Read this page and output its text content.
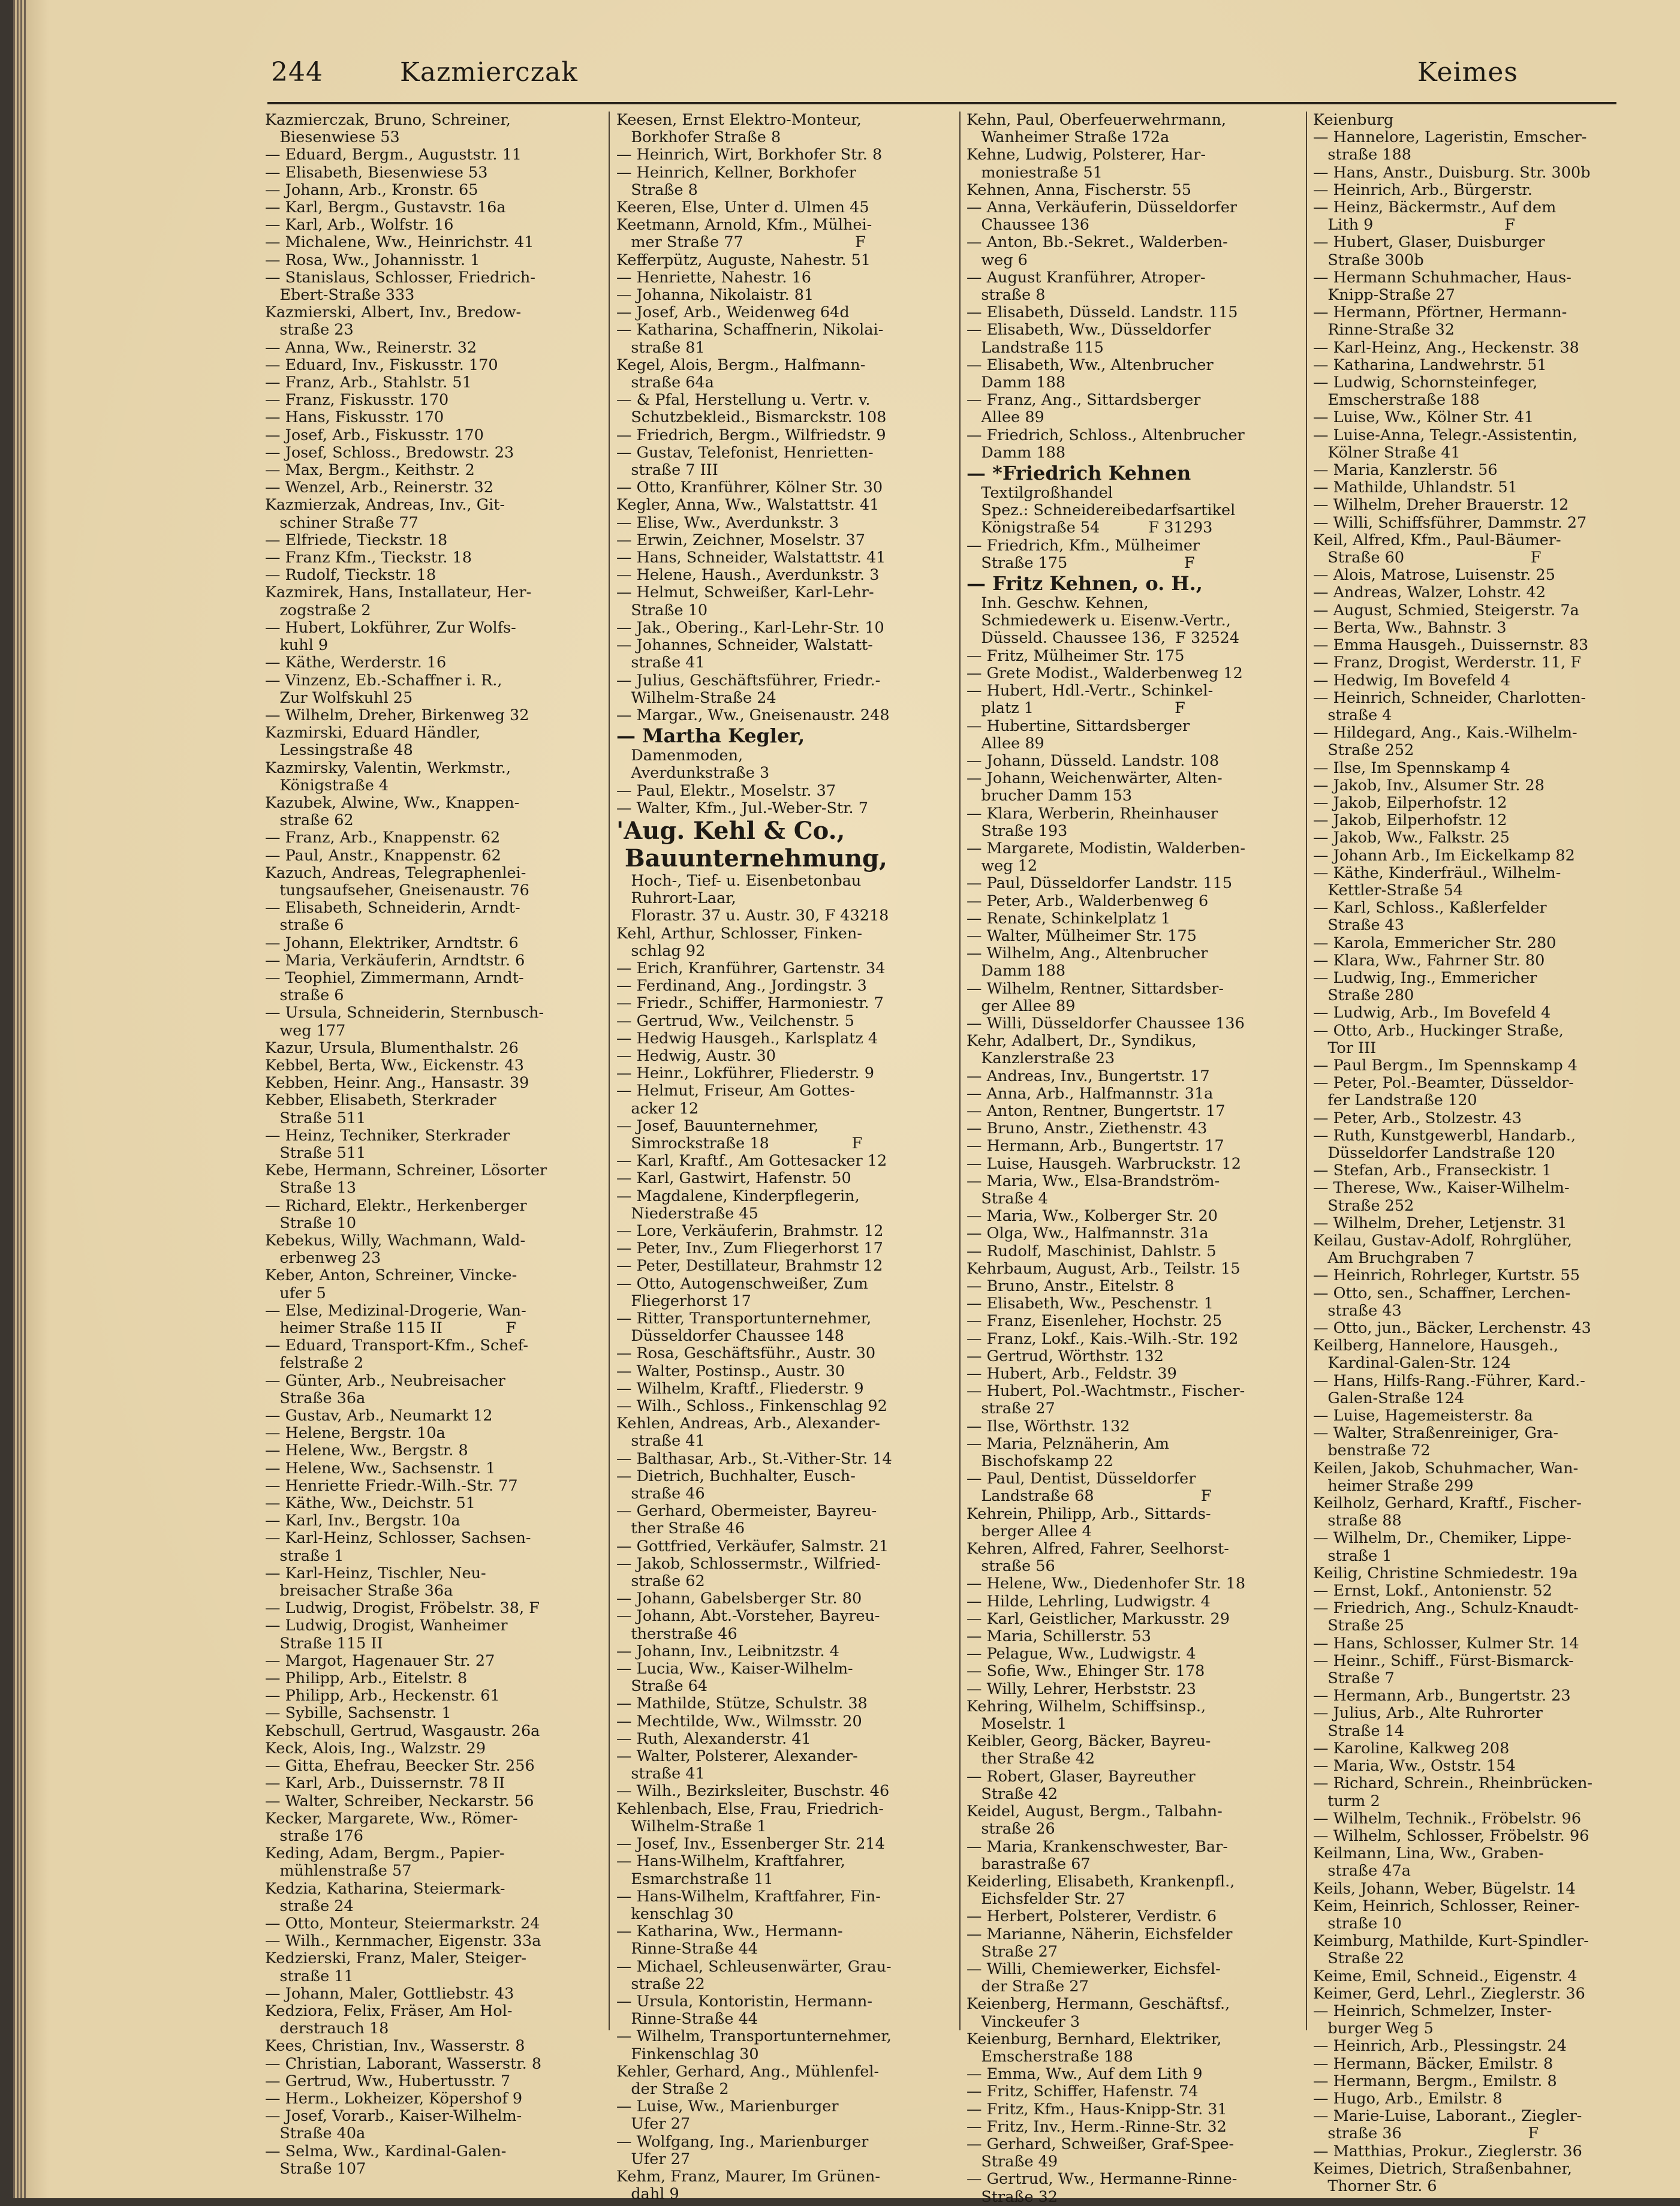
244	Kazmierczak	Keimes
Kazmierczak, Bruno, Schreiner,
Biesenwiese 53
— Eduard, Bergm., Auguststr. 11
— Elisabeth, Biesenwiese 53
— Johann, Arb., Kronstr. 65
— Karl, Bergm., Gustavstr. 16a
— Karl, Arb., Wolfstr. 16
— Michalene, Ww., Heinrichstr. 41
— Rosa, Ww., Johannisstr. 1
— Stanislaus, Schlosser, Friedrich-
Ebert-Straße 333
Kazmierski, Albert, Inv., Bredow-
straße 23
— Anna, Ww., Reinerstr. 32
— Eduard, Inv., Fiskusstr. 170
— Franz, Arb., Stahlstr. 51
— Franz, Fiskusstr. 170
— Hans, Fiskusstr. 170
— Josef, Arb., Fiskusstr. 170
— Josef, Schloss., Bredowstr. 23
— Max, Bergm., Keithstr. 2
— Wenzel, Arb., Reinerstr. 32
Kazmierzak, Andreas, Inv., Git-
schiner Straße 77
— Elfriede, Tieckstr. 18
— Franz Kfm., Tieckstr. 18
— Rudolf, Tieckstr. 18
Kazmirek, Hans, Installateur, Her-
zogstraße 2
— Hubert, Lokführer, Zur Wolfs-
kuhl 9
— Käthe, Werderstr. 16
— Vinzenz, Eb.-Schaffner i. R.,
Zur Wolfskuhl 25
— Wilhelm, Dreher, Birkenweg 32
Kazmirski, Eduard Händler,
Lessingstraße 48
Kazmirsky, Valentin, Werkmstr.,
Königstraße 4
Kazubek, Alwine, Ww., Knappen-
straße 62
— Franz, Arb., Knappenstr. 62
— Paul, Anstr., Knappenstr. 62
Kazuch, Andreas, Telegraphenlei-
tungsaufseher, Gneisenaustr. 76
— Elisabeth, Schneiderin, Arndt-
straße 6
— Johann, Elektriker, Arndtstr. 6
— Maria, Verkäuferin, Arndtstr. 6
— Teophiel, Zimmermann, Arndt-
straße 6
— Ursula, Schneiderin, Sternbusch-
weg 177
Kazur, Ursula, Blumenthalstr. 26
Kebbel, Berta, Ww., Eickenstr. 43
Kebben, Heinr. Ang., Hansastr. 39
Kebber, Elisabeth, Sterkrader
Straße 511
— Heinz, Techniker, Sterkrader
Straße 511
Kebe, Hermann, Schreiner, Lösorter
Straße 13
— Richard, Elektr., Herkenberger
Straße 10
Kebekus, Willy, Wachmann, Wald-
erbenweg 23
Keber, Anton, Schreiner, Vincke-
ufer 5
— Else, Medizinal-Drogerie, Wan-
heimer Straße 115 II             F
— Eduard, Transport-Kfm., Schef-
felstraße 2
— Günter, Arb., Neubreisacher
Straße 36a
— Gustav, Arb., Neumarkt 12
— Helene, Bergstr. 10a
— Helene, Ww., Bergstr. 8
— Helene, Ww., Sachsenstr. 1
— Henriette Friedr.-Wilh.-Str. 77
— Käthe, Ww., Deichstr. 51
— Karl, Inv., Bergstr. 10a
— Karl-Heinz, Schlosser, Sachsen-
straße 1
— Karl-Heinz, Tischler, Neu-
breisacher Straße 36a
— Ludwig, Drogist, Fröbelstr. 38, F
— Ludwig, Drogist, Wanheimer
Straße 115 II
— Margot, Hagenauer Str. 27
— Philipp, Arb., Eitelstr. 8
— Philipp, Arb., Heckenstr. 61
— Sybille, Sachsenstr. 1
Kebschull, Gertrud, Wasgaustr. 26a
Keck, Alois, Ing., Walzstr. 29
— Gitta, Ehefrau, Beecker Str. 256
— Karl, Arb., Duissernstr. 78 II
— Walter, Schreiber, Neckarstr. 56
Kecker, Margarete, Ww., Römer-
straße 176
Keding, Adam, Bergm., Papier-
mühlenstraße 57
Kedzia, Katharina, Steiermark-
straße 24
— Otto, Monteur, Steiermarkstr. 24
— Wilh., Kernmacher, Eigenstr. 33a
Kedzierski, Franz, Maler, Steiger-
straße 11
— Johann, Maler, Gottliebstr. 43
Kedziora, Felix, Fräser, Am Hol-
derstrauch 18
Kees, Christian, Inv., Wasserstr. 8
— Christian, Laborant, Wasserstr. 8
— Gertrud, Ww., Hubertusstr. 7
— Herm., Lokheizer, Köpershof 9
— Josef, Vorarb., Kaiser-Wilhelm-
Straße 40a
— Selma, Ww., Kardinal-Galen-
Straße 107
Keesen, Ernst Elektro-Monteur,
Borkhofer Straße 8
— Heinrich, Wirt, Borkhofer Str. 8
— Heinrich, Kellner, Borkhofer
Straße 8
Keeren, Else, Unter d. Ulmen 45
Keetmann, Arnold, Kfm., Mülhei-
mer Straße 77                       F
Kefferpütz, Auguste, Nahestr. 51
— Henriette, Nahestr. 16
— Johanna, Nikolaistr. 81
— Josef, Arb., Weidenweg 64d
— Katharina, Schaffnerin, Nikolai-
straße 81
Kegel, Alois, Bergm., Halfmann-
straße 64a
— & Pfal, Herstellung u. Vertr. v.
Schutzbekleid., Bismarckstr. 108
— Friedrich, Bergm., Wilfriedstr. 9
— Gustav, Telefonist, Henrietten-
straße 7 III
— Otto, Kranführer, Kölner Str. 30
Kegler, Anna, Ww., Walstattstr. 41
— Elise, Ww., Averdunkstr. 3
— Erwin, Zeichner, Moselstr. 37
— Hans, Schneider, Walstattstr. 41
— Helene, Haush., Averdunkstr. 3
— Helmut, Schweißer, Karl-Lehr-
Straße 10
— Jak., Obering., Karl-Lehr-Str. 10
— Johannes, Schneider, Walstatt-
straße 41
— Julius, Geschäftsführer, Friedr.-
Wilhelm-Straße 24
— Margar., Ww., Gneisenaustr. 248
— Martha Kegler,
Damenmoden,
Averdunkstraße 3
— Paul, Elektr., Moselstr. 37
— Walter, Kfm., Jul.-Weber-Str. 7
'Aug. Kehl & Co.,
Bauunternehmung,
Hoch-, Tief- u. Eisenbetonbau
Ruhrort-Laar,
Florastr. 37 u. Austr. 30, F 43218
Kehl, Arthur, Schlosser, Finken-
schlag 92
— Erich, Kranführer, Gartenstr. 34
— Ferdinand, Ang., Jordingstr. 3
— Friedr., Schiffer, Harmoniestr. 7
— Gertrud, Ww., Veilchenstr. 5
— Hedwig Hausgeh., Karlsplatz 4
— Hedwig, Austr. 30
— Heinr., Lokführer, Fliederstr. 9
— Helmut, Friseur, Am Gottes-
acker 12
— Josef, Bauunternehmer,
Simrockstraße 18                 F
— Karl, Kraftf., Am Gottesacker 12
— Karl, Gastwirt, Hafenstr. 50
— Magdalene, Kinderpflegerin,
Niederstraße 45
— Lore, Verkäuferin, Brahmstr. 12
— Peter, Inv., Zum Fliegerhorst 17
— Peter, Destillateur, Brahmstr 12
— Otto, Autogenschweißer, Zum
Fliegerhorst 17
— Ritter, Transportunternehmer,
Düsseldorfer Chaussee 148
— Rosa, Geschäftsführ., Austr. 30
— Walter, Postinsp., Austr. 30
— Wilhelm, Kraftf., Fliederstr. 9
— Wilh., Schloss., Finkenschlag 92
Kehlen, Andreas, Arb., Alexander-
straße 41
— Balthasar, Arb., St.-Vither-Str. 14
— Dietrich, Buchhalter, Eusch-
straße 46
— Gerhard, Obermeister, Bayreu-
ther Straße 46
— Gottfried, Verkäufer, Salmstr. 21
— Jakob, Schlossermstr., Wilfried-
straße 62
— Johann, Gabelsberger Str. 80
— Johann, Abt.-Vorsteher, Bayreu-
therstraße 46
— Johann, Inv., Leibnitzstr. 4
— Lucia, Ww., Kaiser-Wilhelm-
Straße 64
— Mathilde, Stütze, Schulstr. 38
— Mechtilde, Ww., Wilmsstr. 20
— Ruth, Alexanderstr. 41
— Walter, Polsterer, Alexander-
straße 41
— Wilh., Bezirksleiter, Buschstr. 46
Kehlenbach, Else, Frau, Friedrich-
Wilhelm-Straße 1
— Josef, Inv., Essenberger Str. 214
— Hans-Wilhelm, Kraftfahrer,
Esmarchstraße 11
— Hans-Wilhelm, Kraftfahrer, Fin-
kenschlag 30
— Katharina, Ww., Hermann-
Rinne-Straße 44
— Michael, Schleusenwärter, Grau-
straße 22
— Ursula, Kontoristin, Hermann-
Rinne-Straße 44
— Wilhelm, Transportunternehmer,
Finkenschlag 30
Kehler, Gerhard, Ang., Mühlenfel-
der Straße 2
— Luise, Ww., Marienburger
Ufer 27
— Wolfgang, Ing., Marienburger
Ufer 27
Kehm, Franz, Maurer, Im Grünen-
dahl 9
Kehn, Paul, Oberfeuerwehrmann,
Wanheimer Straße 172a
Kehne, Ludwig, Polsterer, Har-
moniestraße 51
Kehnen, Anna, Fischerstr. 55
— Anna, Verkäuferin, Düsseldorfer
Chaussee 136
— Anton, Bb.-Sekret., Walderben-
weg 6
— August Kranführer, Atroper-
straße 8
— Elisabeth, Düsseld. Landstr. 115
— Elisabeth, Ww., Düsseldorfer
Landstraße 115
— Elisabeth, Ww., Altenbrucher
Damm 188
— Franz, Ang., Sittardsberger
Allee 89
— Friedrich, Schloss., Altenbrucher
Damm 188
— *Friedrich Kehnen
Textilgroßhandel
Spez.: Schneidereibedarfsartikel
Königstraße 54          F 31293
— Friedrich, Kfm., Mülheimer
Straße 175                        F
— Fritz Kehnen, o. H.,
Inh. Geschw. Kehnen,
Schmiedewerk u. Eisenw.-Vertr.,
Düsseld. Chaussee 136,  F 32524
— Fritz, Mülheimer Str. 175
— Grete Modist., Walderbenweg 12
— Hubert, Hdl.-Vertr., Schinkel-
platz 1                             F
— Hubertine, Sittardsberger
Allee 89
— Johann, Düsseld. Landstr. 108
— Johann, Weichenwärter, Alten-
brucher Damm 153
— Klara, Werberin, Rheinhauser
Straße 193
— Margarete, Modistin, Walderben-
weg 12
— Paul, Düsseldorfer Landstr. 115
— Peter, Arb., Walderbenweg 6
— Renate, Schinkelplatz 1
— Walter, Mülheimer Str. 175
— Wilhelm, Ang., Altenbrucher
Damm 188
— Wilhelm, Rentner, Sittardsber-
ger Allee 89
— Willi, Düsseldorfer Chaussee 136
Kehr, Adalbert, Dr., Syndikus,
Kanzlerstraße 23
— Andreas, Inv., Bungertstr. 17
— Anna, Arb., Halfmannstr. 31a
— Anton, Rentner, Bungertstr. 17
— Bruno, Anstr., Ziethenstr. 43
— Hermann, Arb., Bungertstr. 17
— Luise, Hausgeh. Warbruckstr. 12
— Maria, Ww., Elsa-Brandström-
Straße 4
— Maria, Ww., Kolberger Str. 20
— Olga, Ww., Halfmannstr. 31a
— Rudolf, Maschinist, Dahlstr. 5
Kehrbaum, August, Arb., Teilstr. 15
— Bruno, Anstr., Eitelstr. 8
— Elisabeth, Ww., Peschenstr. 1
— Franz, Eisenleher, Hochstr. 25
— Franz, Lokf., Kais.-Wilh.-Str. 192
— Gertrud, Wörthstr. 132
— Hubert, Arb., Feldstr. 39
— Hubert, Pol.-Wachtmstr., Fischer-
straße 27
— Ilse, Wörthstr. 132
— Maria, Pelznäherin, Am
Bischofskamp 22
— Paul, Dentist, Düsseldorfer
Landstraße 68                      F
Kehrein, Philipp, Arb., Sittards-
berger Allee 4
Kehren, Alfred, Fahrer, Seelhorst-
straße 56
— Helene, Ww., Diedenhofer Str. 18
— Hilde, Lehrling, Ludwigstr. 4
— Karl, Geistlicher, Markusstr. 29
— Maria, Schillerstr. 53
— Pelague, Ww., Ludwigstr. 4
— Sofie, Ww., Ehinger Str. 178
— Willy, Lehrer, Herbststr. 23
Kehring, Wilhelm, Schiffsinsp.,
Moselstr. 1
Keibler, Georg, Bäcker, Bayreu-
ther Straße 42
— Robert, Glaser, Bayreuther
Straße 42
Keidel, August, Bergm., Talbahn-
straße 26
— Maria, Krankenschwester, Bar-
barastraße 67
Keiderling, Elisabeth, Krankenpfl.,
Eichsfelder Str. 27
— Herbert, Polsterer, Verdistr. 6
— Marianne, Näherin, Eichsfelder
Straße 27
— Willi, Chemiewerker, Eichsfel-
der Straße 27
Keienberg, Hermann, Geschäftsf.,
Vinckeufer 3
Keienburg, Bernhard, Elektriker,
Emscherstraße 188
— Emma, Ww., Auf dem Lith 9
— Fritz, Schiffer, Hafenstr. 74
— Fritz, Kfm., Haus-Knipp-Str. 31
— Fritz, Inv., Herm.-Rinne-Str. 32
— Gerhard, Schweißer, Graf-Spee-
Straße 49
— Gertrud, Ww., Hermanne-Rinne-
Straße 32
Keienburg
— Hannelore, Lageristin, Emscher-
straße 188
— Hans, Anstr., Duisburg. Str. 300b
— Heinrich, Arb., Bürgerstr.
— Heinz, Bäckermstr., Auf dem
Lith 9                           F
— Hubert, Glaser, Duisburger
Straße 300b
— Hermann Schuhmacher, Haus-
Knipp-Straße 27
— Hermann, Pförtner, Hermann-
Rinne-Straße 32
— Karl-Heinz, Ang., Heckenstr. 38
— Katharina, Landwehrstr. 51
— Ludwig, Schornsteinfeger,
Emscherstraße 188
— Luise, Ww., Kölner Str. 41
— Luise-Anna, Telegr.-Assistentin,
Kölner Straße 41
— Maria, Kanzlerstr. 56
— Mathilde, Uhlandstr. 51
— Wilhelm, Dreher Brauerstr. 12
— Willi, Schiffsführer, Dammstr. 27
Keil, Alfred, Kfm., Paul-Bäumer-
Straße 60                          F
— Alois, Matrose, Luisenstr. 25
— Andreas, Walzer, Lohstr. 42
— August, Schmied, Steigerstr. 7a
— Berta, Ww., Bahnstr. 3
— Emma Hausgeh., Duissernstr. 83
— Franz, Drogist, Werderstr. 11, F
— Hedwig, Im Bovefeld 4
— Heinrich, Schneider, Charlotten-
straße 4
— Hildegard, Ang., Kais.-Wilhelm-
Straße 252
— Ilse, Im Spennskamp 4
— Jakob, Inv., Alsumer Str. 28
— Jakob, Eilperhofstr. 12
— Jakob, Eilperhofstr. 12
— Jakob, Ww., Falkstr. 25
— Johann Arb., Im Eickelkamp 82
— Käthe, Kinderfräul., Wilhelm-
Kettler-Straße 54
— Karl, Schloss., Kaßlerfelder
Straße 43
— Karola, Emmericher Str. 280
— Klara, Ww., Fahrner Str. 80
— Ludwig, Ing., Emmericher
Straße 280
— Ludwig, Arb., Im Bovefeld 4
— Otto, Arb., Huckinger Straße,
Tor III
— Paul Bergm., Im Spennskamp 4
— Peter, Pol.-Beamter, Düsseldor-
fer Landstraße 120
— Peter, Arb., Stolzestr. 43
— Ruth, Kunstgewerbl, Handarb.,
Düsseldorfer Landstraße 120
— Stefan, Arb., Franseckistr. 1
— Therese, Ww., Kaiser-Wilhelm-
Straße 252
— Wilhelm, Dreher, Letjenstr. 31
Keilau, Gustav-Adolf, Rohrglüher,
Am Bruchgraben 7
— Heinrich, Rohrleger, Kurtstr. 55
— Otto, sen., Schaffner, Lerchen-
straße 43
— Otto, jun., Bäcker, Lerchenstr. 43
Keilberg, Hannelore, Hausgeh.,
Kardinal-Galen-Str. 124
— Hans, Hilfs-Rang.-Führer, Kard.-
Galen-Straße 124
— Luise, Hagemeisterstr. 8a
— Walter, Straßenreiniger, Gra-
benstraße 72
Keilen, Jakob, Schuhmacher, Wan-
heimer Straße 299
Keilholz, Gerhard, Kraftf., Fischer-
straße 88
— Wilhelm, Dr., Chemiker, Lippe-
straße 1
Keilig, Christine Schmiedestr. 19a
— Ernst, Lokf., Antonienstr. 52
— Friedrich, Ang., Schulz-Knaudt-
Straße 25
— Hans, Schlosser, Kulmer Str. 14
— Heinr., Schiff., Fürst-Bismarck-
Straße 7
— Hermann, Arb., Bungertstr. 23
— Julius, Arb., Alte Ruhrorter
Straße 14
— Karoline, Kalkweg 208
— Maria, Ww., Oststr. 154
— Richard, Schrein., Rheinbrücken-
turm 2
— Wilhelm, Technik., Fröbelstr. 96
— Wilhelm, Schlosser, Fröbelstr. 96
Keilmann, Lina, Ww., Graben-
straße 47a
Keils, Johann, Weber, Bügelstr. 14
Keim, Heinrich, Schlosser, Reiner-
straße 10
Keimburg, Mathilde, Kurt-Spindler-
Straße 22
Keime, Emil, Schneid., Eigenstr. 4
Keimer, Gerd, Lehrl., Zieglerstr. 36
— Heinrich, Schmelzer, Inster-
burger Weg 5
— Heinrich, Arb., Plessingstr. 24
— Hermann, Bäcker, Emilstr. 8
— Hermann, Bergm., Emilstr. 8
— Hugo, Arb., Emilstr. 8
— Marie-Luise, Laborant., Ziegler-
straße 36                          F
— Matthias, Prokur., Zieglerstr. 36
Keimes, Dietrich, Straßenbahner,
Thorner Str. 6
